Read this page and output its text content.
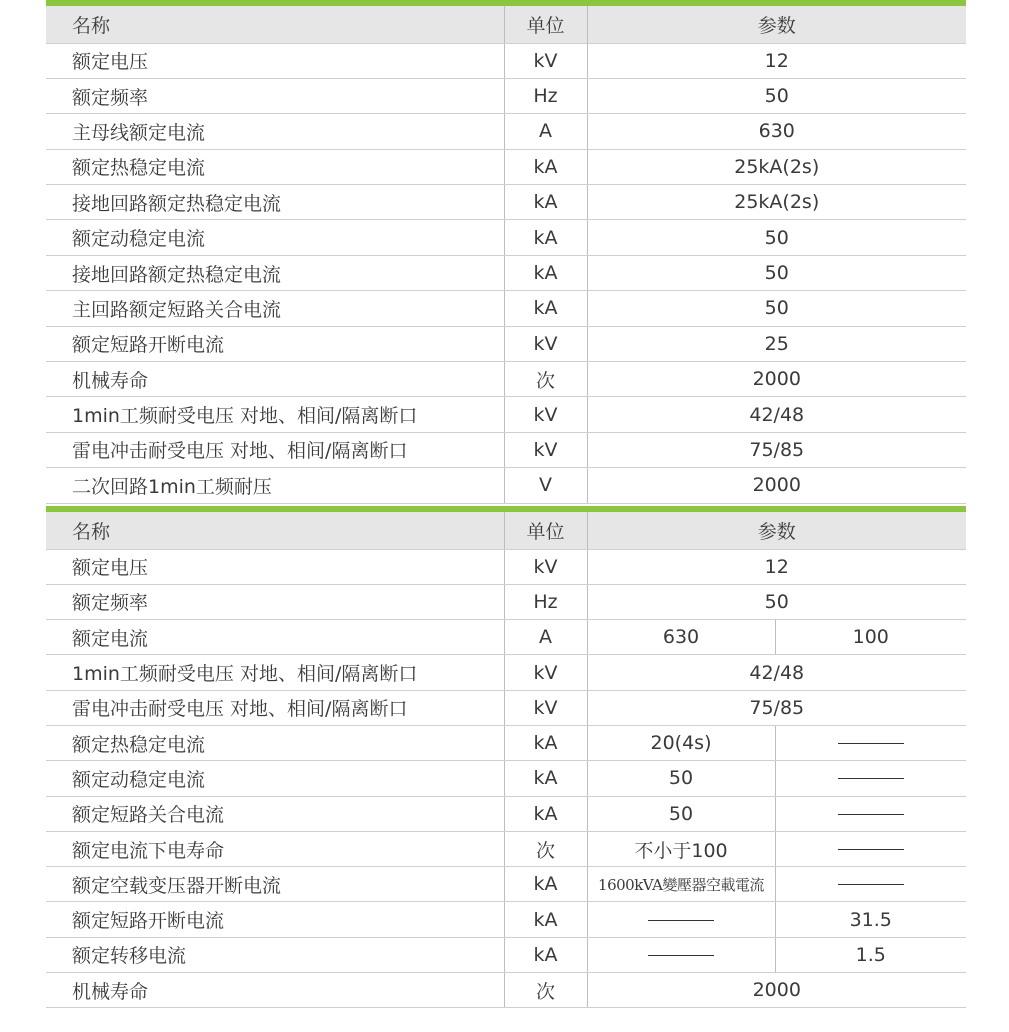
名称	单位	参数
额定电压	kV	12
额定频率	Hz	50
主母线额定电流	A	630
额定热稳定电流	kA	25kA(2s)
接地回路额定热稳定电流	kA	25kA(2s)
额定动稳定电流	kA	50
接地回路额定热稳定电流	kA	50
主回路额定短路关合电流	kA	50
额定短路开断电流	kV	25
机械寿命	次	2000
1min工频耐受电压 对地、相间/隔离断口	kV	42/48
雷电冲击耐受电压 对地、相间/隔离断口	kV	75/85
二次回路1min工频耐压	V	2000
名称	单位	参数	
额定电压	kV	12	
额定频率	Hz	50	
额定电流	A	630	100
1min工频耐受电压 对地、相间/隔离断口	kV	42/48	
雷电冲击耐受电压 对地、相间/隔离断口	kV	75/85	
额定热稳定电流	kA	20(4s)	
额定动稳定电流	kA	50	
额定短路关合电流	kA	50	
额定电流下电寿命	次	不小于100	
额定空载变压器开断电流	kA	1600kVA變壓器空載電流	
额定短路开断电流	kA		31.5
额定转移电流	kA		1.5
机械寿命	次	2000	
